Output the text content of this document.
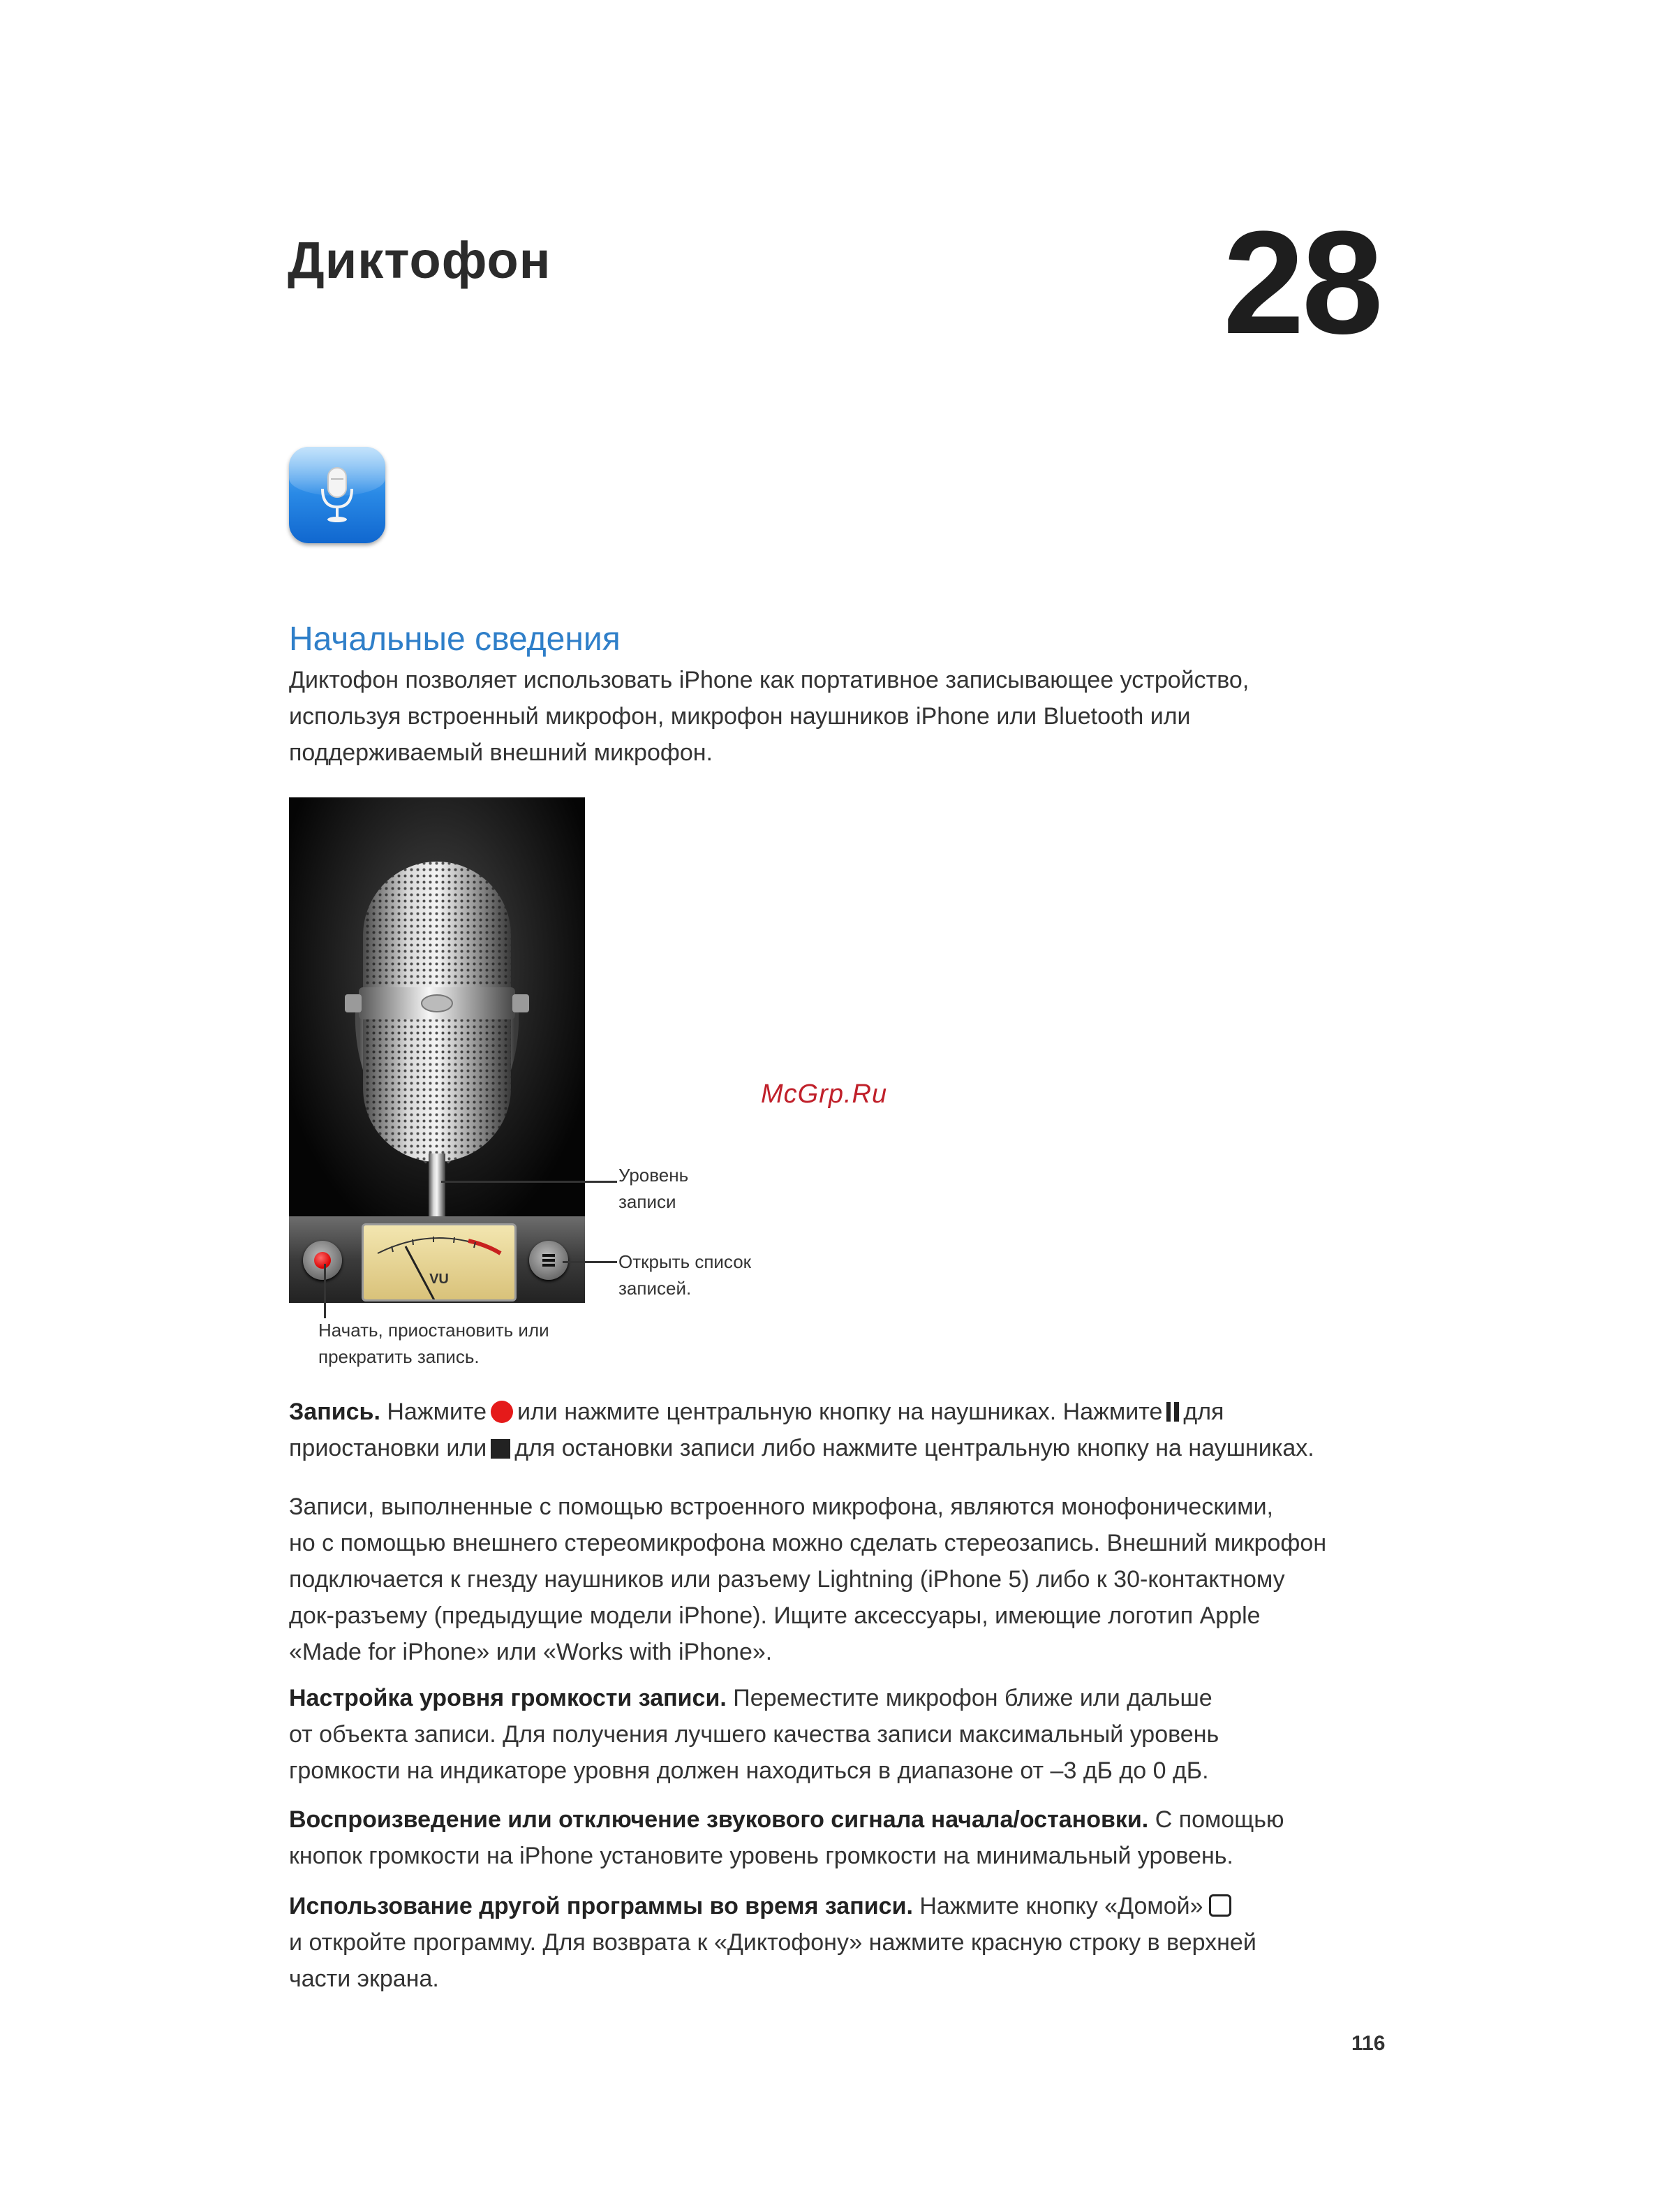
Диктофон	28
Начальные сведения
Диктофон позволяет использовать iPhone как портативное записывающее устройство,
используя встроенный микрофон, микрофон наушников iPhone или Bluetooth или
поддерживаемый внешний микрофон.
VU
Уровень
записи
Открыть список
записей.
Начать, приостановить или
прекратить запись.
McGrp.Ru
Запись. Нажмите или нажмите центральную кнопку на наушниках. Нажмите для
приостановки или для остановки записи либо нажмите центральную кнопку на наушниках.
Записи, выполненные с помощью встроенного микрофона, являются монофоническими,
но с помощью внешнего стереомикрофона можно сделать стереозапись. Внешний микрофон
подключается к гнезду наушников или разъему Lightning (iPhone 5) либо к 30-контактному
док-разъему (предыдущие модели iPhone). Ищите аксессуары, имеющие логотип Apple
«Made for iPhone» или «Works with iPhone».
Настройка уровня громкости записи. Переместите микрофон ближе или дальше
от объекта записи. Для получения лучшего качества записи максимальный уровень
громкости на индикаторе уровня должен находиться в диапазоне от –3 дБ до 0 дБ.
Воспроизведение или отключение звукового сигнала начала/остановки. С помощью
кнопок громкости на iPhone установите уровень громкости на минимальный уровень.
Использование другой программы во время записи. Нажмите кнопку «Домой»
и откройте программу. Для возврата к «Диктофону» нажмите красную строку в верхней
части экрана.
116
